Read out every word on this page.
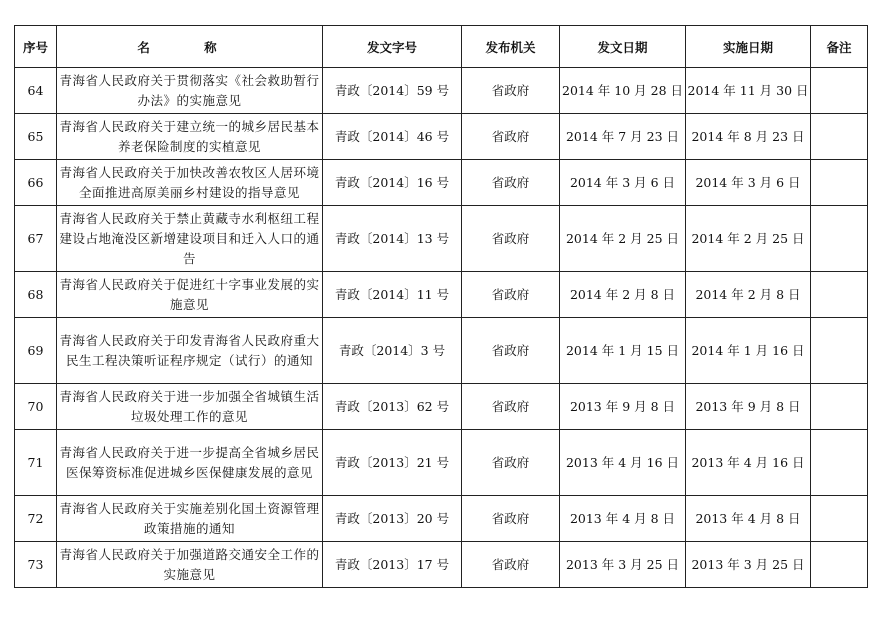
序号	名 称	发文字号	发布机关	发文日期	实施日期	备注
64	青海省人民政府关于贯彻落实《社会救助暂行办法》的实施意见	青政〔2014〕59 号	省政府	2014 年 10 月 28 日	2014 年 11 月 30 日	
65	青海省人民政府关于建立统一的城乡居民基本养老保险制度的实植意见	青政〔2014〕46 号	省政府	2014 年 7 月 23 日	2014 年 8 月 23 日	
66	青海省人民政府关于加快改善农牧区人居环境全面推进高原美丽乡村建设的指导意见	青政〔2014〕16 号	省政府	2014 年 3 月 6 日	2014 年 3 月 6 日	
67	青海省人民政府关于禁止黄藏寺水利枢纽工程建设占地淹没区新增建设项目和迁入人口的通告	青政〔2014〕13 号	省政府	2014 年 2 月 25 日	2014 年 2 月 25 日	
68	青海省人民政府关于促进红十字事业发展的实施意见	青政〔2014〕11 号	省政府	2014 年 2 月 8 日	2014 年 2 月 8 日	
69	青海省人民政府关于印发青海省人民政府重大民生工程决策听证程序规定（试行）的通知	青政〔2014〕3 号	省政府	2014 年 1 月 15 日	2014 年 1 月 16 日	
70	青海省人民政府关于进一步加强全省城镇生活垃圾处理工作的意见	青政〔2013〕62 号	省政府	2013 年 9 月 8 日	2013 年 9 月 8 日	
71	青海省人民政府关于进一步提高全省城乡居民医保筹资标准促进城乡医保健康发展的意见	青政〔2013〕21 号	省政府	2013 年 4 月 16 日	2013 年 4 月 16 日	
72	青海省人民政府关于实施差别化国土资源管理政策措施的通知	青政〔2013〕20 号	省政府	2013 年 4 月 8 日	2013 年 4 月 8 日	
73	青海省人民政府关于加强道路交通安全工作的实施意见	青政〔2013〕17 号	省政府	2013 年 3 月 25 日	2013 年 3 月 25 日	
